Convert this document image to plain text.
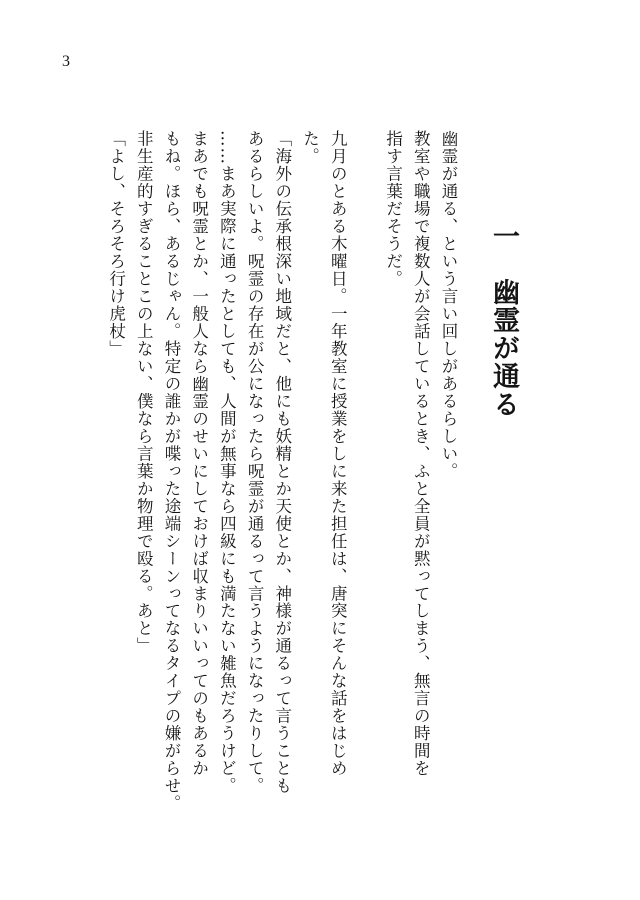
3
一　幽霊が通る

幽霊が通る、という言い回しがあるらしい。

教室や職場で複数人が会話しているとき、ふと全員が黙ってしまう、無言の時間を

指す言葉だそうだ。

九月のとある木曜日。一年教室に授業をしに来た担任は、唐突にそんな話をはじめ

た。

「海外の伝承根深い地域だと、他にも妖精とか天使とか、神様が通るって言うことも

あるらしいよ。呪霊の存在が公になったら呪霊が通るって言うようになったりして。

……まあ実際に通ったとしても、人間が無事なら四級にも満たない雑魚だろうけど。

まあでも呪霊とか、一般人なら幽霊のせいにしておけば収まりいいってのもあるか

もね。ほら、あるじゃん。特定の誰かが喋った途端シーンってなるタイプの嫌がらせ。

非生産的すぎることこの上ない、僕なら言葉か物理で殴る。あと」

「よし、そろそろ行け虎杖」
